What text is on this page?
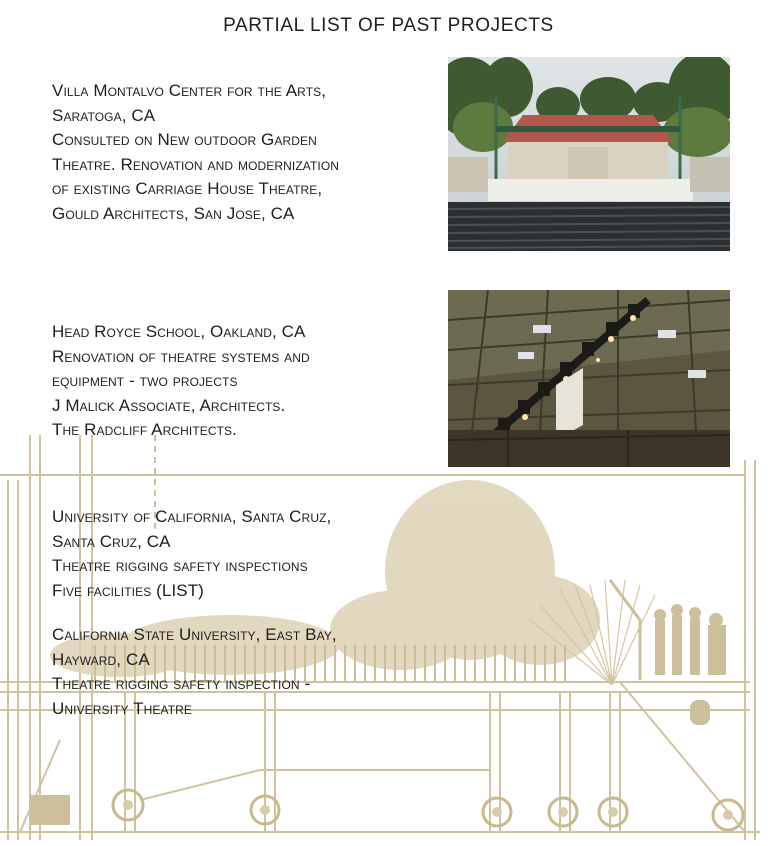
PARTIAL LIST OF PAST PROJECTS
Villa Montalvo Center for the Arts,
Saratoga, CA
Consulted on New outdoor Garden
Theatre. Renovation and modernization
of existing Carriage House Theatre,
Gould Architects, San Jose, CA
Head Royce School, Oakland, CA
Renovation of theatre systems and
equipment - two projects
J Malick Associate, Architects.
The Radcliff Architects.
University of California, Santa Cruz,
Santa Cruz, CA
Theatre rigging safety inspections
Five facilities (LIST)
California State University, East Bay,
Hayward, CA
Theatre rigging safety inspection -
University Theatre
